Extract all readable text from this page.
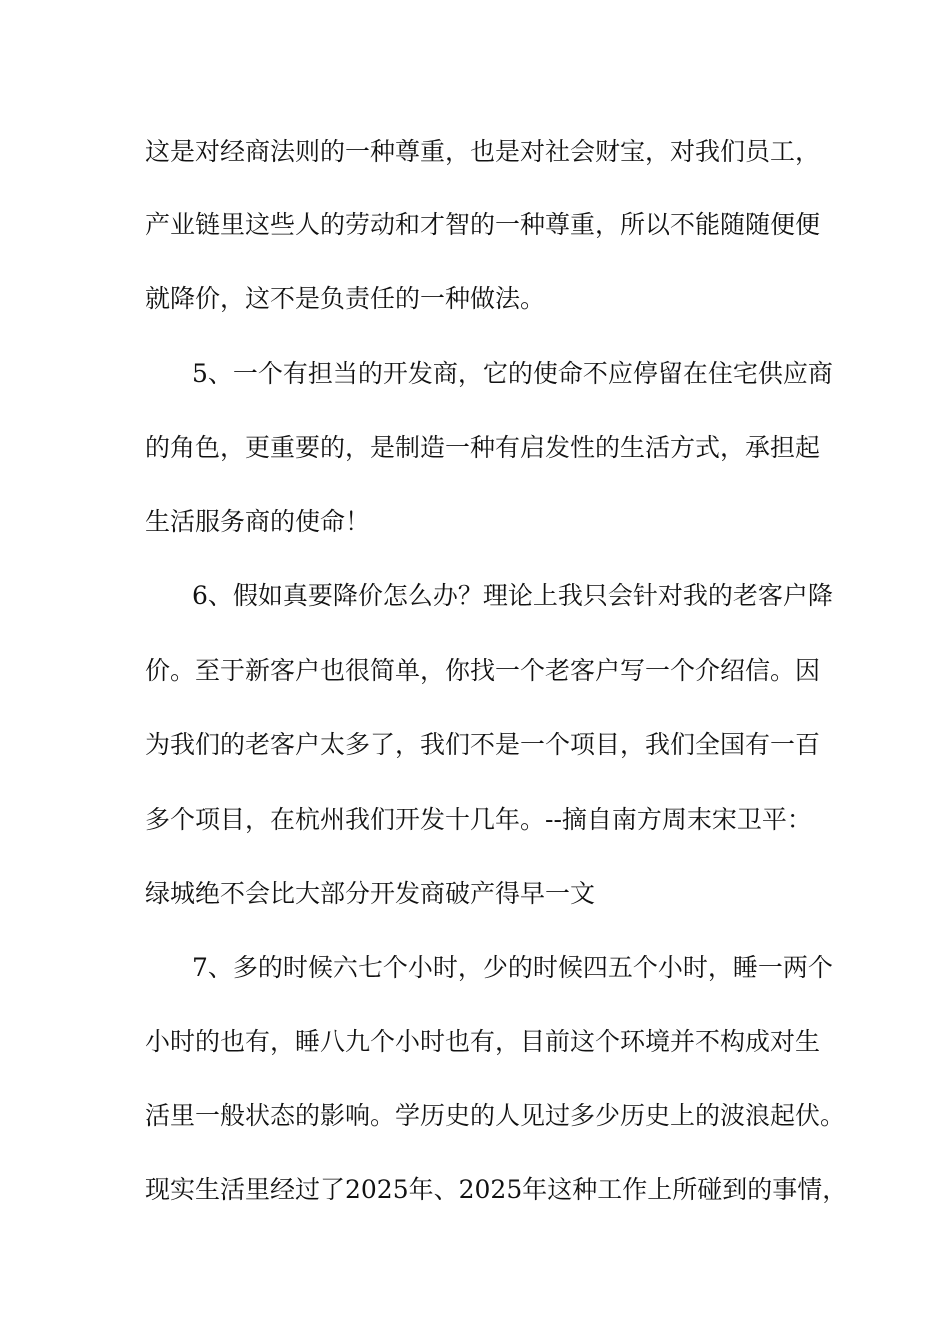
这是对经商法则的一种尊重，也是对社会财宝，对我们员工，
产业链里这些人的劳动和才智的一种尊重，所以不能随随便便
就降价，这不是负责任的一种做法。
5、一个有担当的开发商，它的使命不应停留在住宅供应商
的角色，更重要的，是制造一种有启发性的生活方式，承担起
生活服务商的使命！
6、假如真要降价怎么办？理论上我只会针对我的老客户降
价。至于新客户也很简单，你找一个老客户写一个介绍信。因
为我们的老客户太多了，我们不是一个项目，我们全国有一百
多个项目，在杭州我们开发十几年。--摘自南方周末宋卫平：
绿城绝不会比大部分开发商破产得早一文
7、多的时候六七个小时，少的时候四五个小时，睡一两个
小时的也有，睡八九个小时也有，目前这个环境并不构成对生
活里一般状态的影响。学历史的人见过多少历史上的波浪起伏。
现实生活里经过了2025年、2025年这种工作上所碰到的事情，
